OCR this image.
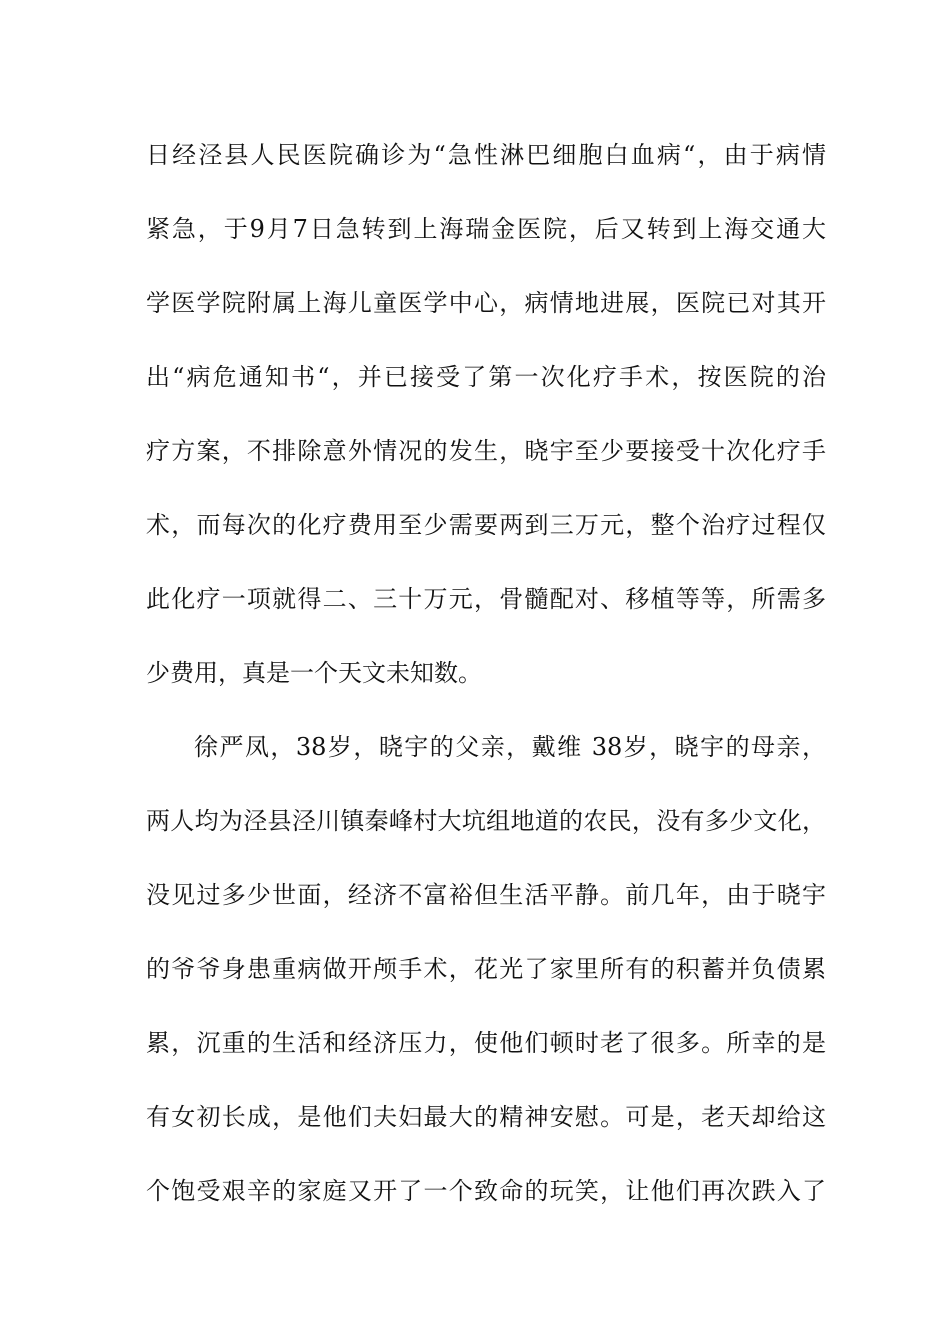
日经泾县人民医院确诊为“急性淋巴细胞白血病“，由于病情
紧急，于9月7日急转到上海瑞金医院，后又转到上海交通大
学医学院附属上海儿童医学中心，病情地进展，医院已对其开
出“病危通知书“，并已接受了第一次化疗手术，按医院的治
疗方案，不排除意外情况的发生，晓宇至少要接受十次化疗手
术，而每次的化疗费用至少需要两到三万元，整个治疗过程仅
此化疗一项就得二、三十万元，骨髓配对、移植等等，所需多
少费用，真是一个天文未知数。
徐严凤，38岁，晓宇的父亲，戴维 38岁，晓宇的母亲，
两人均为泾县泾川镇秦峰村大坑组地道的农民，没有多少文化，
没见过多少世面，经济不富裕但生活平静。前几年，由于晓宇
的爷爷身患重病做开颅手术，花光了家里所有的积蓄并负债累
累，沉重的生活和经济压力，使他们顿时老了很多。所幸的是
有女初长成，是他们夫妇最大的精神安慰。可是，老天却给这
个饱受艰辛的家庭又开了一个致命的玩笑，让他们再次跌入了
